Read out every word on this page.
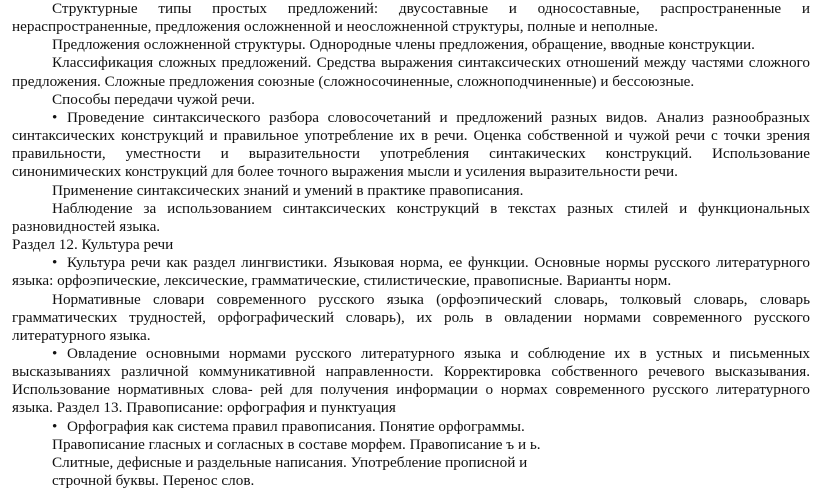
Структурные типы простых предложений: двусоставные и односоставные, распространенные и нераспространенные, предложения осложненной и неосложненной структуры, полные и неполные.

Предложения осложненной структуры. Однородные члены предложения, обращение, вводные конструкции.

Классификация сложных предложений. Средства выражения синтаксических отношений между частями сложного предложения. Сложные предложения союзные (сложносочиненные, сложноподчиненные) и бессоюзные.

Способы передачи чужой речи.

• Проведение синтаксического разбора словосочетаний и предложений разных видов. Анализ разнообразных синтаксических конструкций и правильное употребление их в речи. Оценка собственной и чужой речи с точки зрения правильности, уместности и выразительности употребления синтакических конструкций. Использование синонимических конструкций для более точного выражения мысли и усиления выразительности речи.

Применение синтаксических знаний и умений в практике правописания.

Наблюдение за использованием синтаксических конструкций в текстах разных стилей и функциональных разновидностей языка.

Раздел 12. Культура речи

• Культура речи как раздел лингвистики. Языковая норма, ее функции. Основные нормы русского литературного языка: орфоэпические, лексические, грамматические, стилистические, правописные. Варианты норм.

Нормативные словари современного русского языка (орфоэпический словарь, толковый словарь, словарь грамматических трудностей, орфографический словарь), их роль в овладении нормами современного русского литературного языка.

• Овладение основными нормами русского литературного языка и соблюдение их в устных и письменных высказываниях различной коммуникативной направленности. Корректировка собственного речевого высказывания. Использование нормативных слова- рей для получения информации о нормах современного русского литературного языка. Раздел 13. Правописание: орфография и пунктуация

• Орфография как система правил правописания. Понятие орфограммы.

Правописание гласных и согласных в составе морфем. Правописание ъ и ь.

Слитные, дефисные и раздельные написания. Употребление прописной и

строчной буквы. Перенос слов.
